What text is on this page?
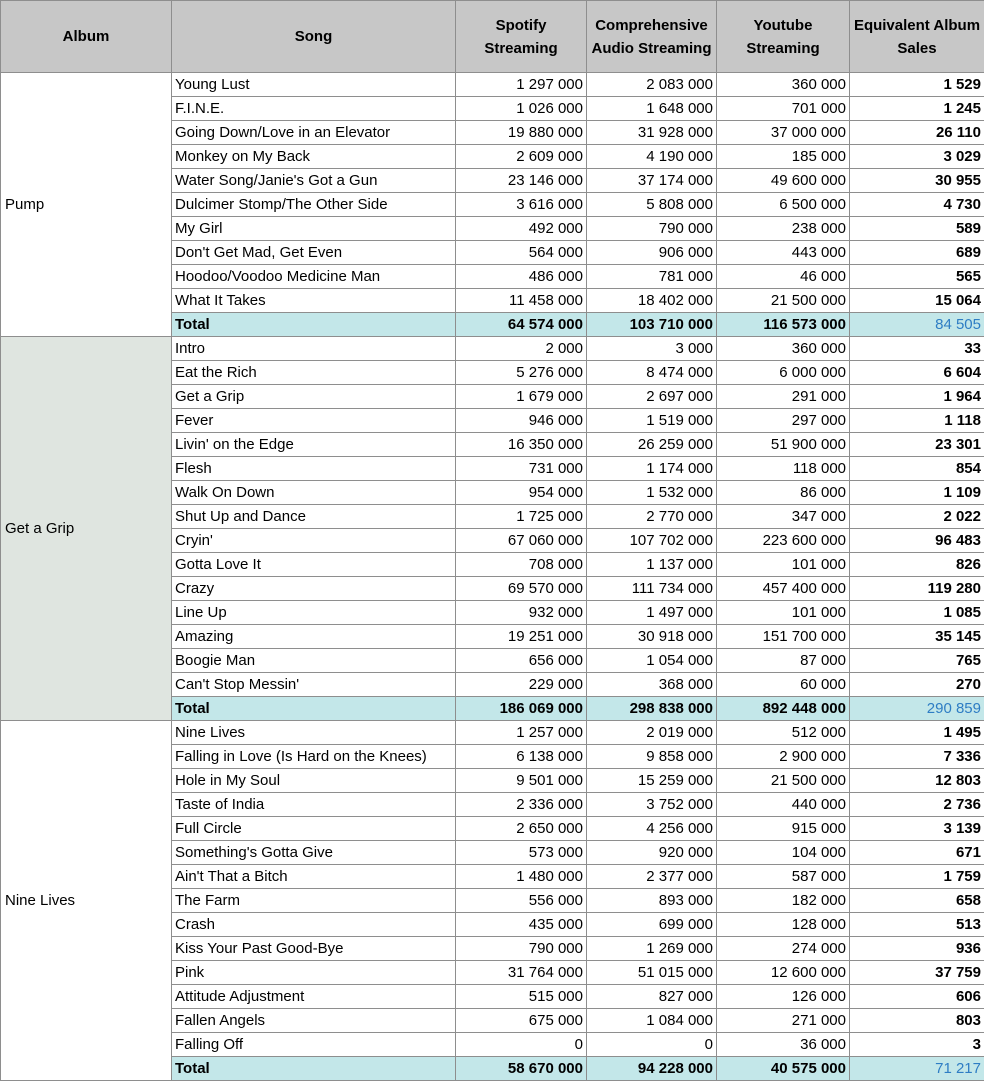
Album	Song	Spotify Streaming	Comprehensive Audio Streaming	Youtube Streaming	Equivalent Album Sales
Pump	Young Lust	1 297 000	2 083 000	360 000	1 529
	F.I.N.E.	1 026 000	1 648 000	701 000	1 245
	Going Down/Love in an Elevator	19 880 000	31 928 000	37 000 000	26 110
	Monkey on My Back	2 609 000	4 190 000	185 000	3 029
	Water Song/Janie's Got a Gun	23 146 000	37 174 000	49 600 000	30 955
	Dulcimer Stomp/The Other Side	3 616 000	5 808 000	6 500 000	4 730
	My Girl	492 000	790 000	238 000	589
	Don't Get Mad, Get Even	564 000	906 000	443 000	689
	Hoodoo/Voodoo Medicine Man	486 000	781 000	46 000	565
	What It Takes	11 458 000	18 402 000	21 500 000	15 064
	Total	64 574 000	103 710 000	116 573 000	84 505
Get a Grip	Intro	2 000	3 000	360 000	33
	Eat the Rich	5 276 000	8 474 000	6 000 000	6 604
	Get a Grip	1 679 000	2 697 000	291 000	1 964
	Fever	946 000	1 519 000	297 000	1 118
	Livin' on the Edge	16 350 000	26 259 000	51 900 000	23 301
	Flesh	731 000	1 174 000	118 000	854
	Walk On Down	954 000	1 532 000	86 000	1 109
	Shut Up and Dance	1 725 000	2 770 000	347 000	2 022
	Cryin'	67 060 000	107 702 000	223 600 000	96 483
	Gotta Love It	708 000	1 137 000	101 000	826
	Crazy	69 570 000	111 734 000	457 400 000	119 280
	Line Up	932 000	1 497 000	101 000	1 085
	Amazing	19 251 000	30 918 000	151 700 000	35 145
	Boogie Man	656 000	1 054 000	87 000	765
	Can't Stop Messin'	229 000	368 000	60 000	270
	Total	186 069 000	298 838 000	892 448 000	290 859
Nine Lives	Nine Lives	1 257 000	2 019 000	512 000	1 495
	Falling in Love (Is Hard on the Knees)	6 138 000	9 858 000	2 900 000	7 336
	Hole in My Soul	9 501 000	15 259 000	21 500 000	12 803
	Taste of India	2 336 000	3 752 000	440 000	2 736
	Full Circle	2 650 000	4 256 000	915 000	3 139
	Something's Gotta Give	573 000	920 000	104 000	671
	Ain't That a Bitch	1 480 000	2 377 000	587 000	1 759
	The Farm	556 000	893 000	182 000	658
	Crash	435 000	699 000	128 000	513
	Kiss Your Past Good-Bye	790 000	1 269 000	274 000	936
	Pink	31 764 000	51 015 000	12 600 000	37 759
	Attitude Adjustment	515 000	827 000	126 000	606
	Fallen Angels	675 000	1 084 000	271 000	803
	Falling Off	0	0	36 000	3
	Total	58 670 000	94 228 000	40 575 000	71 217
